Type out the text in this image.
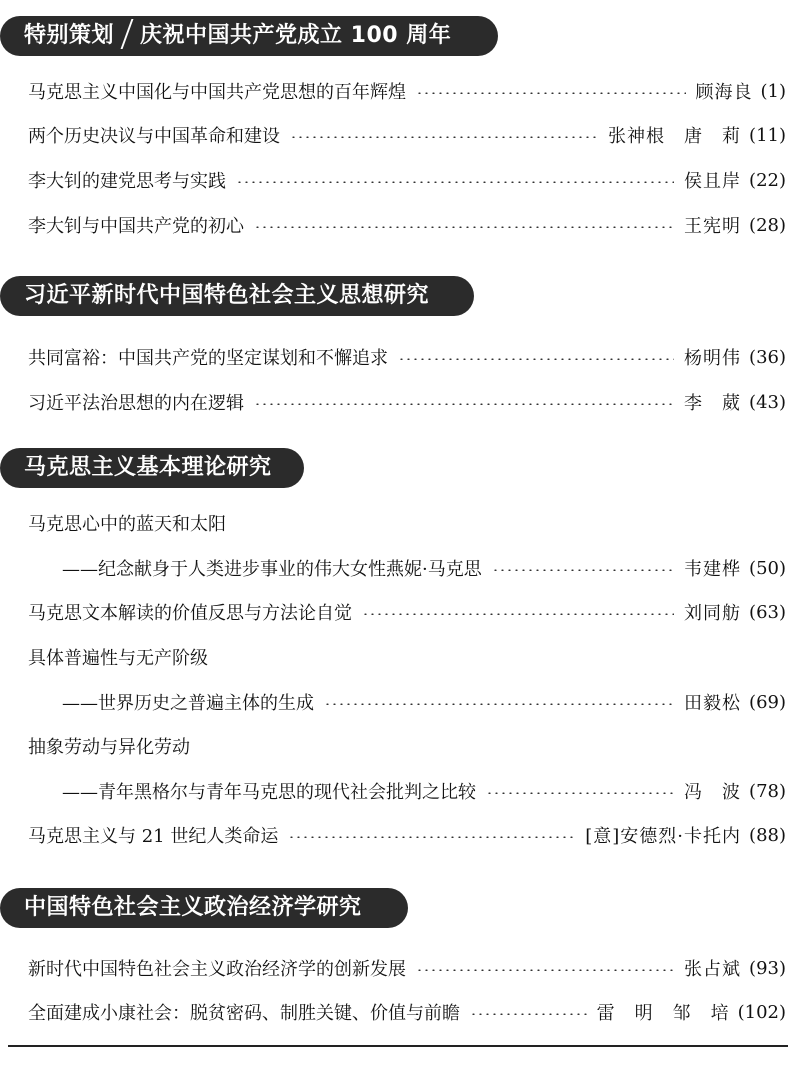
特别策划 庆祝中国共产党成立 100 周年
马克思主义中国化与中国共产党思想的百年辉煌	顾海良 (1)
两个历史决议与中国革命和建设	张神根　唐　莉 (11)
李大钊的建党思考与实践	侯且岸 (22)
李大钊与中国共产党的初心	王宪明 (28)
习近平新时代中国特色社会主义思想研究
共同富裕：中国共产党的坚定谋划和不懈追求	杨明伟 (36)
习近平法治思想的内在逻辑	李　葳 (43)
马克思主义基本理论研究
马克思心中的蓝天和太阳
——纪念献身于人类进步事业的伟大女性燕妮·马克思	韦建桦 (50)
马克思文本解读的价值反思与方法论自觉	刘同舫 (63)
具体普遍性与无产阶级
——世界历史之普遍主体的生成	田毅松 (69)
抽象劳动与异化劳动
——青年黑格尔与青年马克思的现代社会批判之比较	冯　波 (78)
马克思主义与 21 世纪人类命运	[意]安德烈·卡托内 (88)
中国特色社会主义政治经济学研究
新时代中国特色社会主义政治经济学的创新发展	张占斌 (93)
全面建成小康社会：脱贫密码、制胜关键、价值与前瞻	雷　明　邹　培 (102)
